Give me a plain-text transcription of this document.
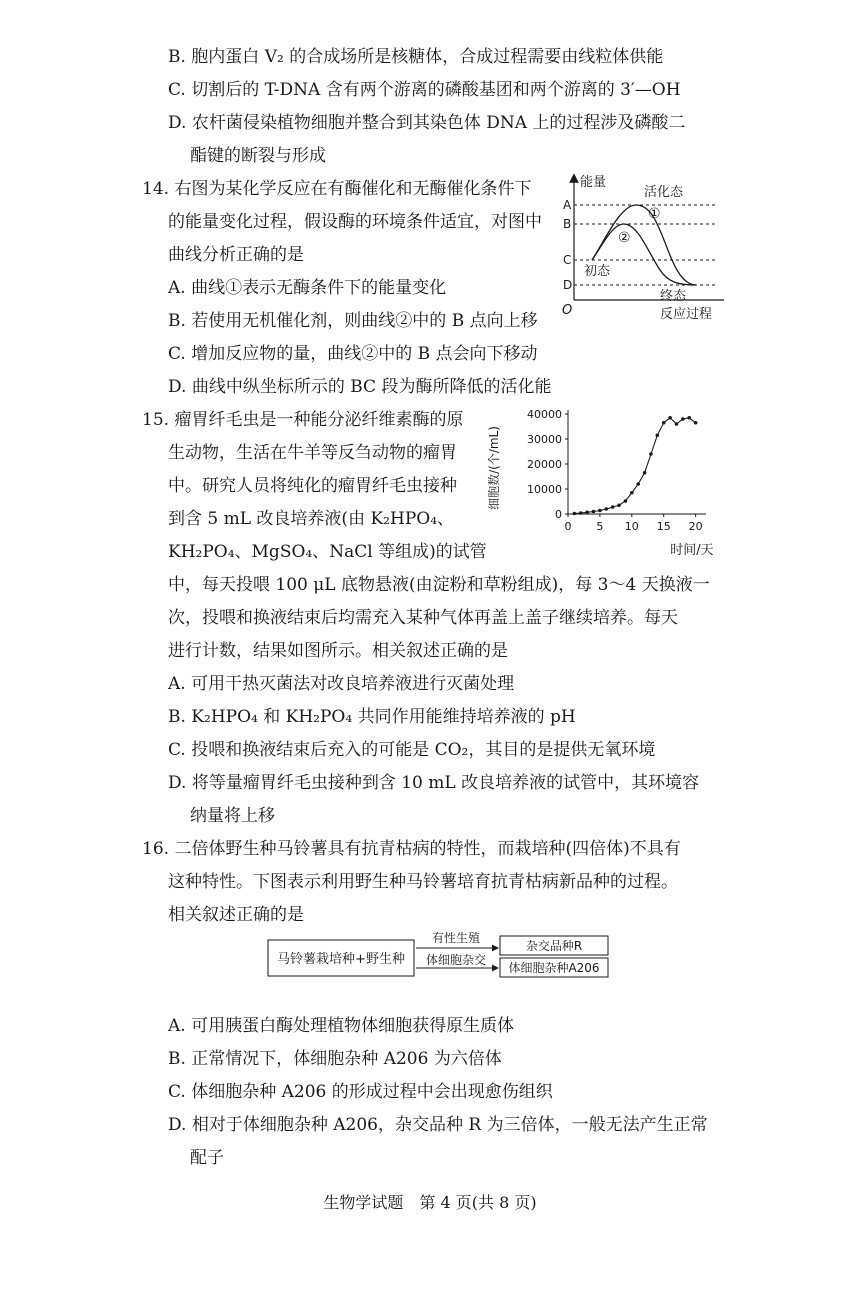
B. 胞内蛋白 V₂ 的合成场所是核糖体，合成过程需要由线粒体供能
C. 切割后的 T-DNA 含有两个游离的磷酸基团和两个游离的 3′—OH
D. 农杆菌侵染植物细胞并整合到其染色体 DNA 上的过程涉及磷酸二
酯键的断裂与形成
14. 右图为某化学反应在有酶催化和无酶催化条件下
的能量变化过程，假设酶的环境条件适宜，对图中
曲线分析正确的是
A. 曲线①表示无酶条件下的能量变化
B. 若使用无机催化剂，则曲线②中的 B 点向上移
C. 增加反应物的量，曲线②中的 B 点会向下移动
D. 曲线中纵坐标所示的 BC 段为酶所降低的活化能
能量
O	反应过程
A
B
C
D
活化态
①
②
初态
终态
15. 瘤胃纤毛虫是一种能分泌纤维素酶的原
生动物，生活在牛羊等反刍动物的瘤胃
中。研究人员将纯化的瘤胃纤毛虫接种
到含 5 mL 改良培养液(由 K₂HPO₄、
KH₂PO₄、MgSO₄、NaCl 等组成)的试管
中，每天投喂 100 μL 底物悬液(由淀粉和草粉组成)，每 3～4 天换液一
次，投喂和换液结束后均需充入某种气体再盖上盖子继续培养。每天
进行计数，结果如图所示。相关叙述正确的是
A. 可用干热灭菌法对改良培养液进行灭菌处理
B. K₂HPO₄ 和 KH₂PO₄ 共同作用能维持培养液的 pH
C. 投喂和换液结束后充入的可能是 CO₂，其目的是提供无氧环境
D. 将等量瘤胃纤毛虫接种到含 10 mL 改良培养液的试管中，其环境容
纳量将上移
0
10000
20000
30000
40000
0 5 10 15 20
细胞数/(个/mL)
时间/天
16. 二倍体野生种马铃薯具有抗青枯病的特性，而栽培种(四倍体)不具有
这种特性。下图表示利用野生种马铃薯培育抗青枯病新品种的过程。
相关叙述正确的是
马铃薯栽培种+野生种
有性生殖
体细胞杂交
杂交品种R
体细胞杂种A206
A. 可用胰蛋白酶处理植物体细胞获得原生质体
B. 正常情况下，体细胞杂种 A206 为六倍体
C. 体细胞杂种 A206 的形成过程中会出现愈伤组织
D. 相对于体细胞杂种 A206，杂交品种 R 为三倍体，一般无法产生正常
配子
生物学试题　第 4 页(共 8 页)
